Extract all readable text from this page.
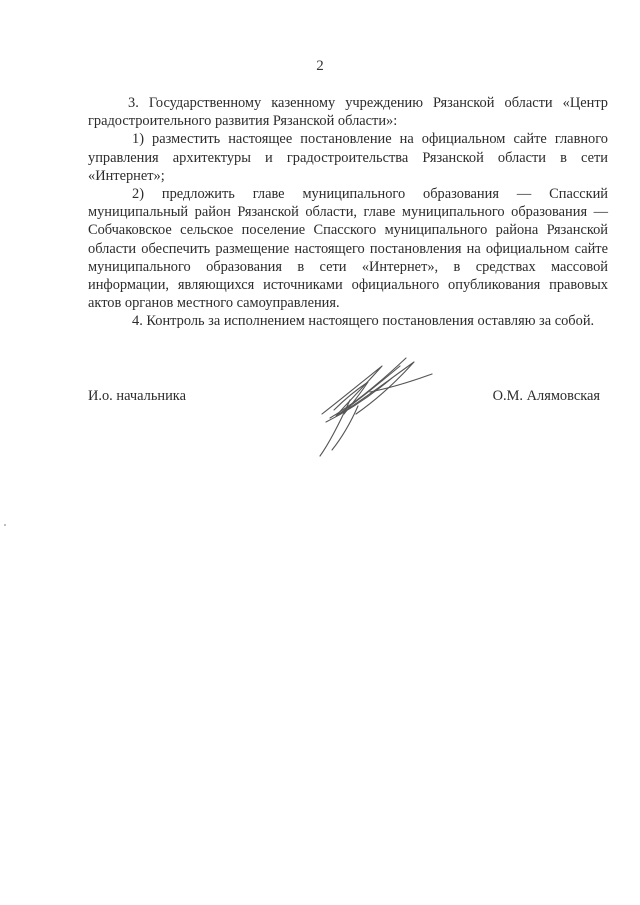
2

3. Государственному казенному учреждению Рязанской области «Центр градостроительного развития Рязанской области»:

1) разместить настоящее постановление на официальном сайте главного управления архитектуры и градостроительства Рязанской области в сети «Интернет»;

2) предложить главе муниципального образования — Спасский муниципальный район Рязанской области, главе муниципального образования — Собчаковское сельское поселение Спасского муниципального района Рязанской области обеспечить размещение настоящего постановления на официальном сайте муниципального образования в сети «Интернет», в средствах массовой информации, являющихся источниками официального опубликования правовых актов органов местного самоуправления.

4. Контроль за исполнением настоящего постановления оставляю за собой.

И.о. начальника	О.М. Алямовская
